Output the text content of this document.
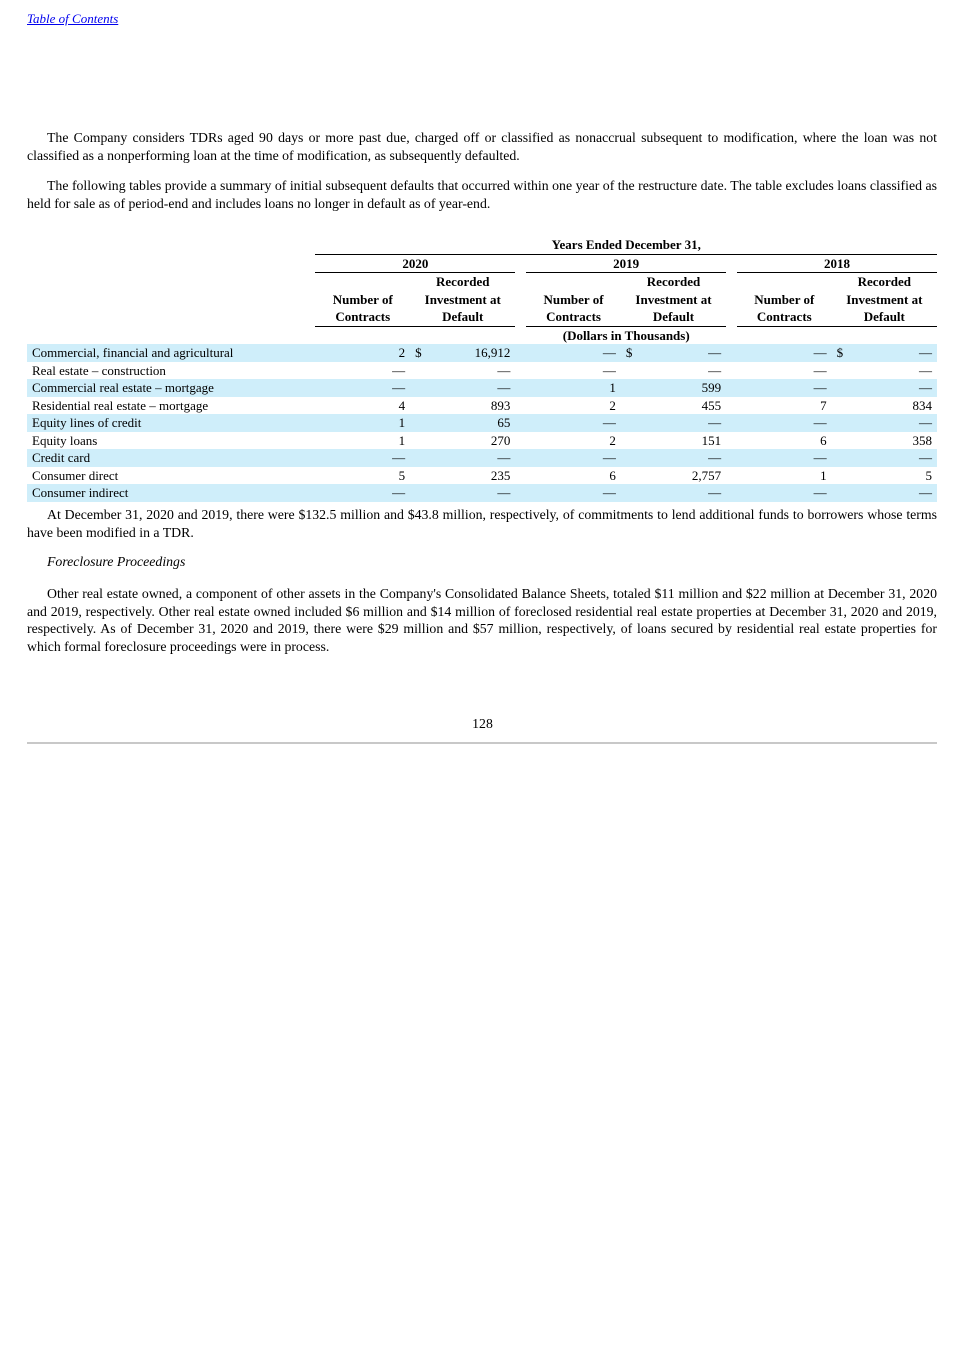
Table of Contents

The Company considers TDRs aged 90 days or more past due, charged off or classified as nonaccrual subsequent to modification, where the loan was not classified as a nonperforming loan at the time of modification, as subsequently defaulted.

The following tables provide a summary of initial subsequent defaults that occurred within one year of the restructure date. The table excludes loans classified as held for sale as of period-end and includes loans no longer in default as of year-end.

	Years Ended December 31,										
	2020				2019				2018		
	Number of Contracts	Recorded Investment at Default			Number of Contracts	Recorded Investment at Default			Number of Contracts	Recorded Investment at Default	
	(Dollars in Thousands)										
Commercial, financial and agricultural	2	$	16,912		—	$	—		—	$	—
Real estate – construction	—		—		—		—		—		—
Commercial real estate – mortgage	—		—		1		599		—		—
Residential real estate – mortgage	4		893		2		455		7		834
Equity lines of credit	1		65		—		—		—		—
Equity loans	1		270		2		151		6		358
Credit card	—		—		—		—		—		—
Consumer direct	5		235		6		2,757		1		5
Consumer indirect	—		—		—		—		—		—

At December 31, 2020 and 2019, there were $132.5 million and $43.8 million, respectively, of commitments to lend additional funds to borrowers whose terms have been modified in a TDR.

Foreclosure Proceedings

Other real estate owned, a component of other assets in the Company's Consolidated Balance Sheets, totaled $11 million and $22 million at December 31, 2020 and 2019, respectively. Other real estate owned included $6 million and $14 million of foreclosed residential real estate properties at December 31, 2020 and 2019, respectively. As of December 31, 2020 and 2019, there were $29 million and $57 million, respectively, of loans secured by residential real estate properties for which formal foreclosure proceedings were in process.

128
